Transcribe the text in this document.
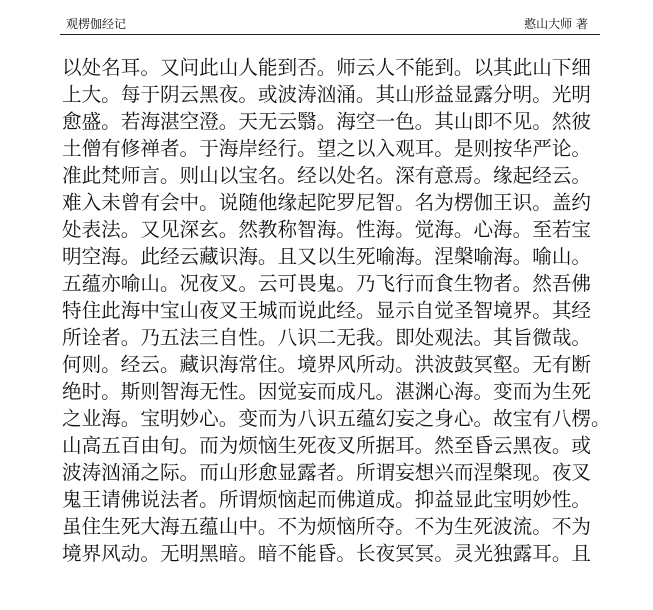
观楞伽经记	憨山大师 著
以处名耳。又问此山人能到否。师云人不能到。以其此山下细
上大。每于阴云黑夜。或波涛汹涌。其山形益显露分明。光明
愈盛。若海湛空澄。天无云翳。海空一色。其山即不见。然彼
土僧有修禅者。于海岸经行。望之以入观耳。是则按华严论。
准此梵师言。则山以宝名。经以处名。深有意焉。缘起经云。
难入未曾有会中。说随他缘起陀罗尼智。名为楞伽王识。盖约
处表法。又见深玄。然教称智海。性海。觉海。心海。至若宝
明空海。此经云藏识海。且又以生死喻海。涅槃喻海。喻山。
五蕴亦喻山。况夜叉。云可畏鬼。乃飞行而食生物者。然吾佛
特住此海中宝山夜叉王城而说此经。显示自觉圣智境界。其经
所诠者。乃五法三自性。八识二无我。即处观法。其旨微哉。
何则。经云。藏识海常住。境界风所动。洪波鼓冥壑。无有断
绝时。斯则智海无性。因觉妄而成凡。湛渊心海。变而为生死
之业海。宝明妙心。变而为八识五蕴幻妄之身心。故宝有八楞。
山高五百由旬。而为烦恼生死夜叉所据耳。然至昏云黑夜。或
波涛汹涌之际。而山形愈显露者。所谓妄想兴而涅槃现。夜叉
鬼王请佛说法者。所谓烦恼起而佛道成。抑益显此宝明妙性。
虽住生死大海五蕴山中。不为烦恼所夺。不为生死波流。不为
境界风动。无明黑暗。暗不能昏。长夜冥冥。灵光独露耳。且
